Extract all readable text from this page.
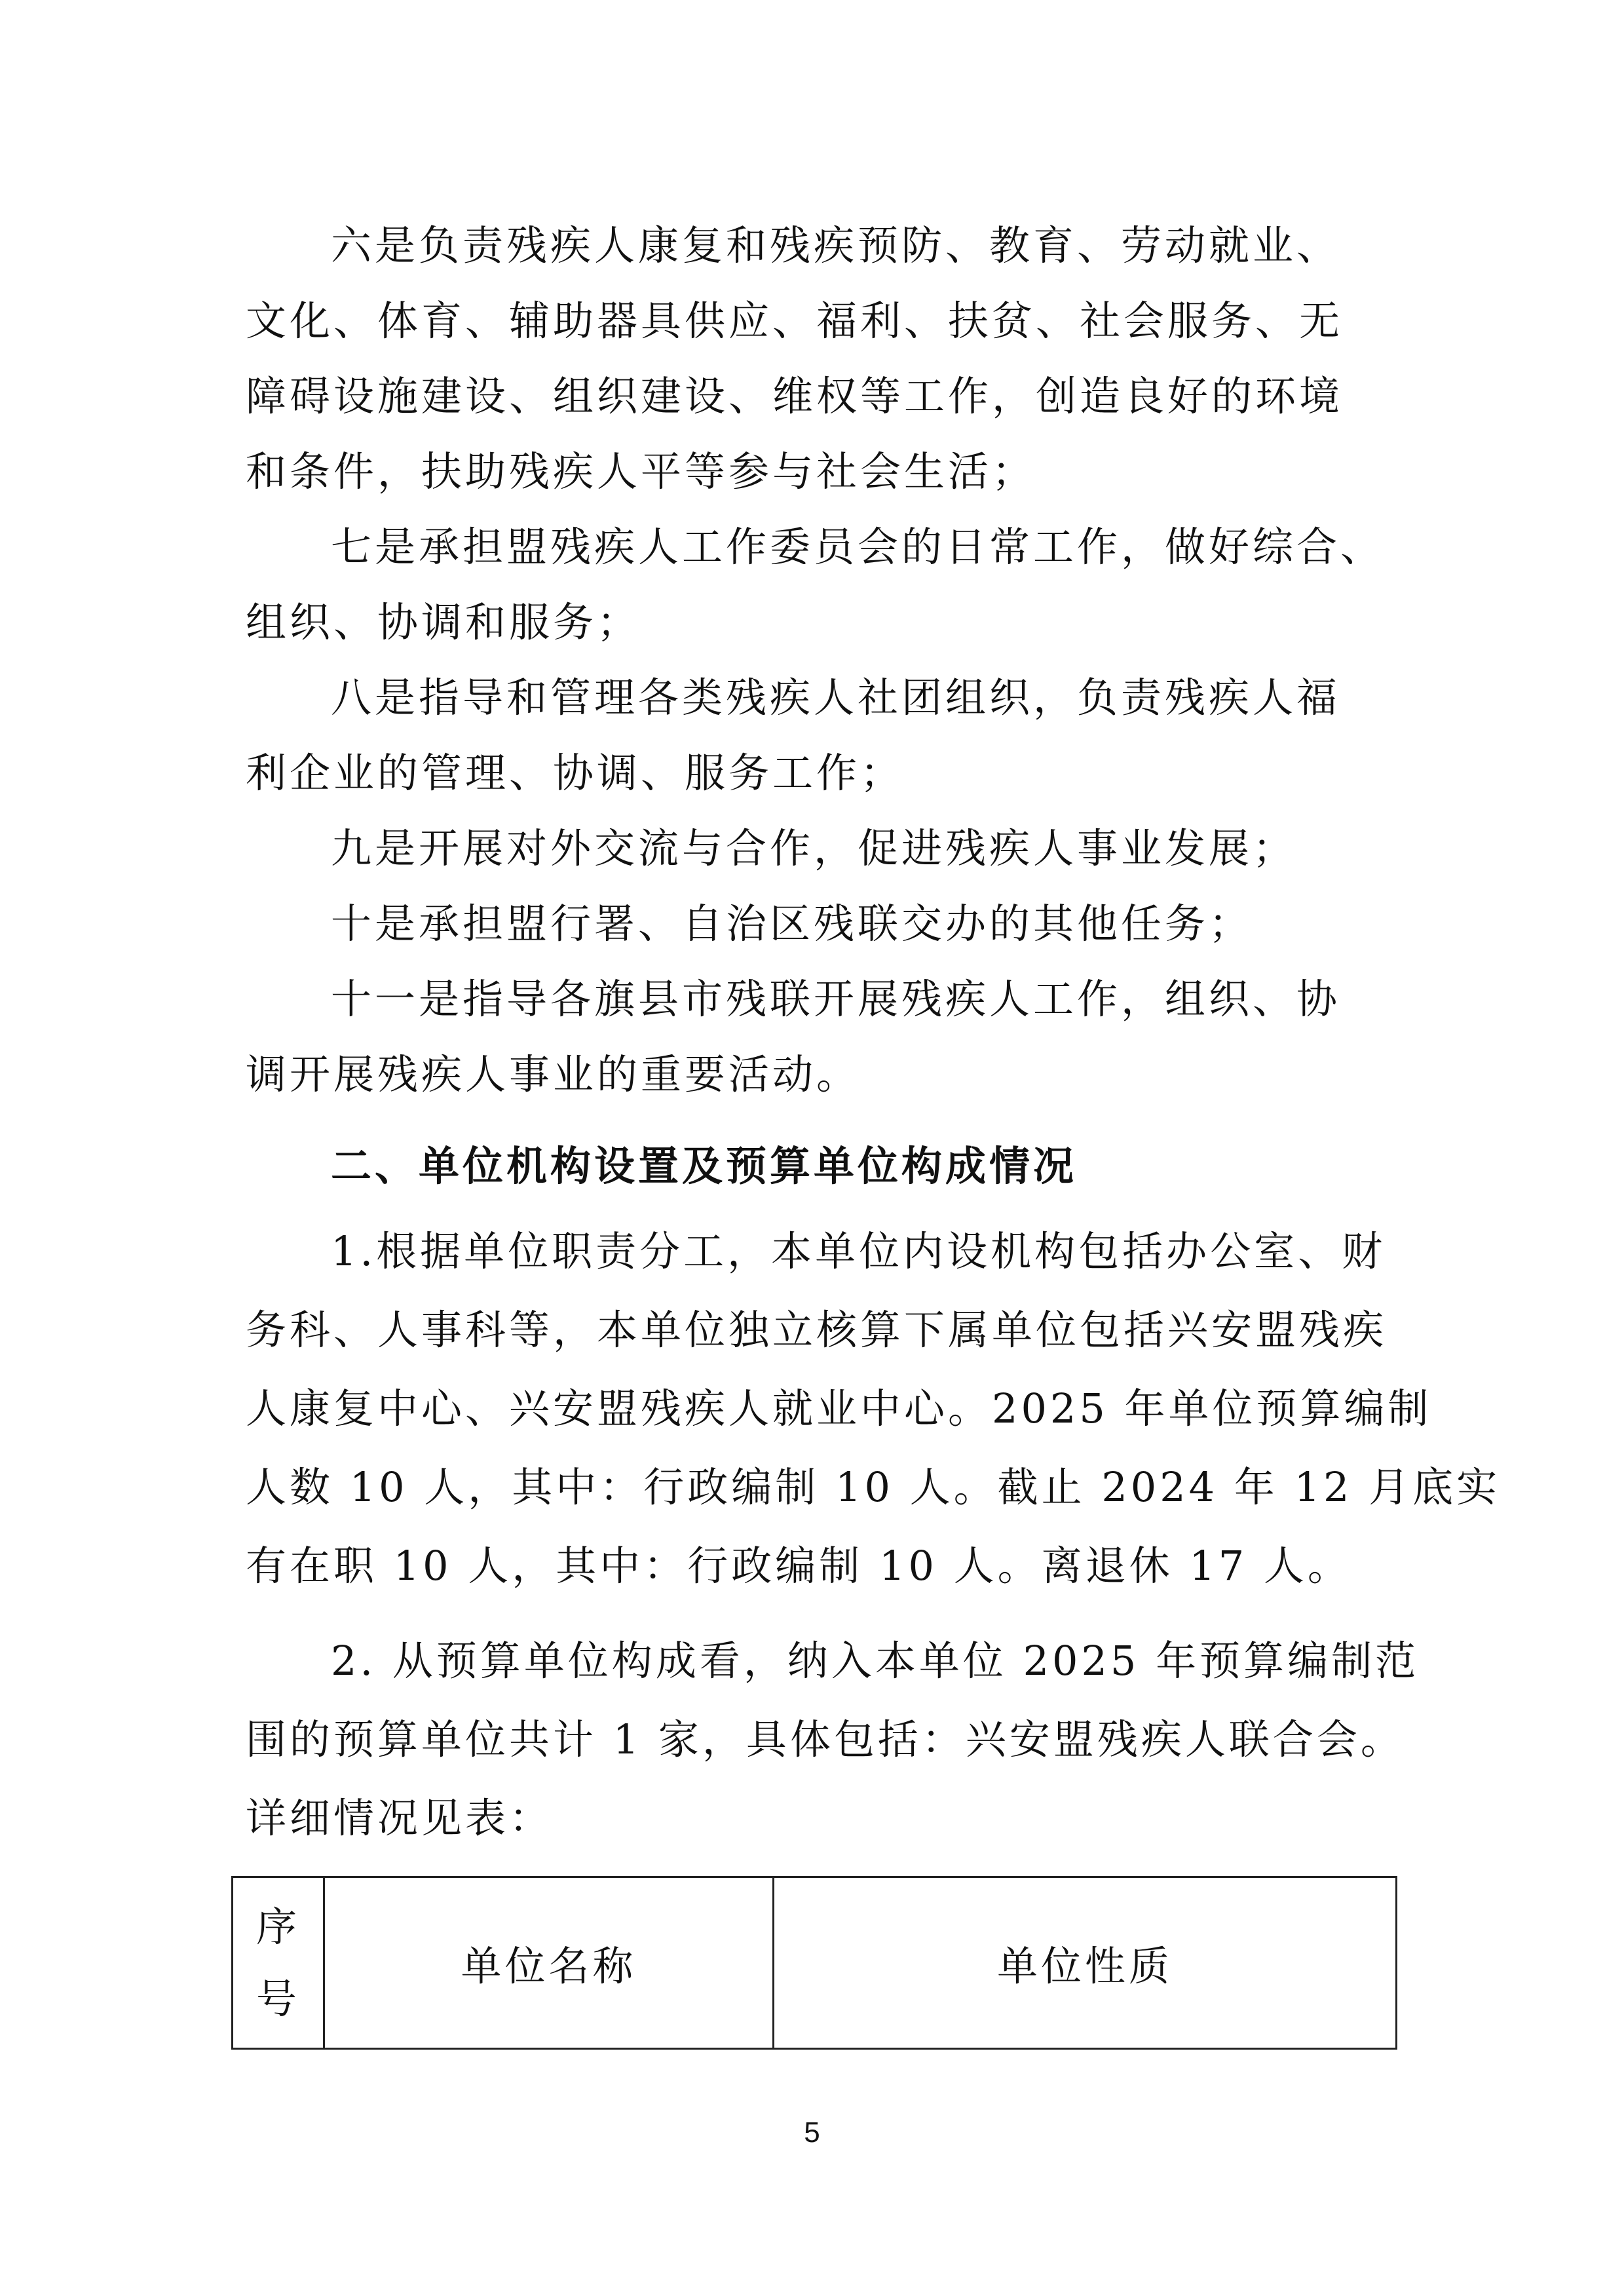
六是负责残疾人康复和残疾预防、教育、劳动就业、
文化、体育、辅助器具供应、福利、扶贫、社会服务、无
障碍设施建设、组织建设、维权等工作，创造良好的环境
和条件，扶助残疾人平等参与社会生活；
七是承担盟残疾人工作委员会的日常工作，做好综合、
组织、协调和服务；
八是指导和管理各类残疾人社团组织，负责残疾人福
利企业的管理、协调、服务工作；
九是开展对外交流与合作，促进残疾人事业发展；
十是承担盟行署、自治区残联交办的其他任务；
十一是指导各旗县市残联开展残疾人工作，组织、协
调开展残疾人事业的重要活动。
二、单位机构设置及预算单位构成情况
1.根据单位职责分工，本单位内设机构包括办公室、财
务科、人事科等，本单位独立核算下属单位包括兴安盟残疾
人康复中心、兴安盟残疾人就业中心。2025 年单位预算编制
人数 10 人，其中：行政编制 10 人。截止 2024 年 12 月底实
有在职 10 人，其中：行政编制 10 人。离退休 17 人。
2. 从预算单位构成看，纳入本单位 2025 年预算编制范
围的预算单位共计 1 家，具体包括：兴安盟残疾人联合会。
详细情况见表：
序
号
	单位名称	单位性质
5
